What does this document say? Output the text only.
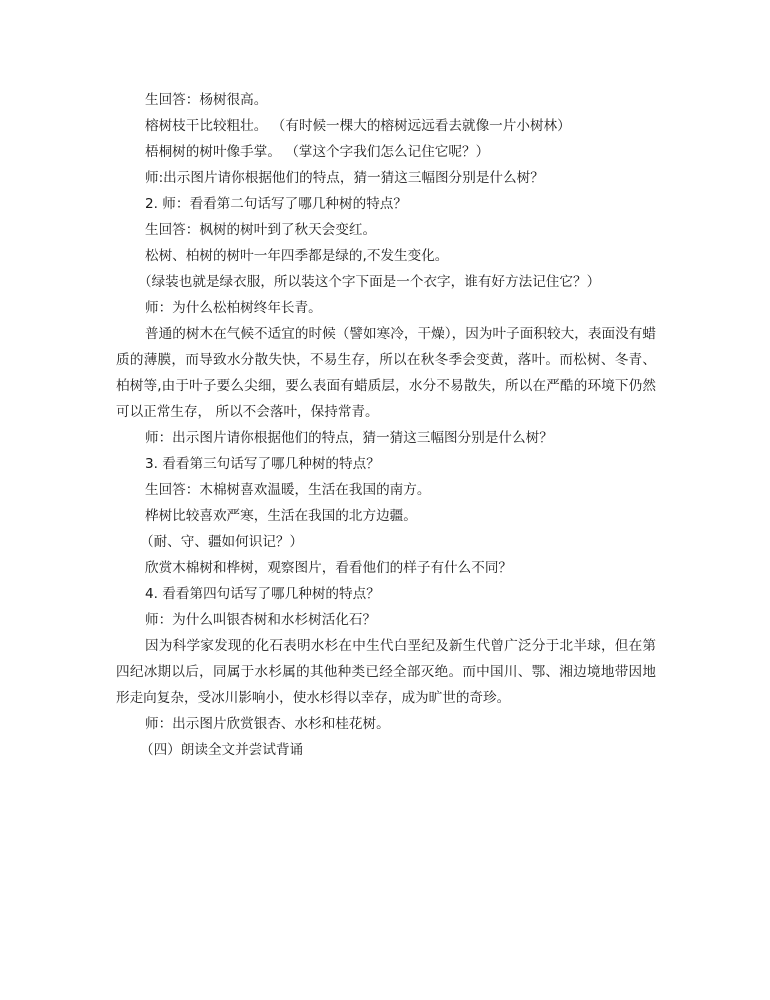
生回答：杨树很高。
榕树枝干比较粗壮。 （有时候一棵大的榕树远远看去就像一片小树林）
梧桐树的树叶像手掌。 （掌这个字我们怎么记住它呢？）
师:出示图片请你根据他们的特点，猜一猜这三幅图分别是什么树？
2. 师：看看第二句话写了哪几种树的特点？
生回答：枫树的树叶到了秋天会变红。
松树、柏树的树叶一年四季都是绿的,不发生变化。
（绿装也就是绿衣服，所以装这个字下面是一个衣字，谁有好方法记住它？）
师：为什么松柏树终年长青。
普通的树木在气候不适宜的时候（譬如寒冷，干燥），因为叶子面积较大，表面没有蜡质的薄膜，而导致水分散失快，不易生存，所以在秋冬季会变黄，落叶。而松树、冬青、柏树等,由于叶子要么尖细，要么表面有蜡质层，水分不易散失，所以在严酷的环境下仍然可以正常生存， 所以不会落叶，保持常青。
师：出示图片请你根据他们的特点，猜一猜这三幅图分别是什么树？
3. 看看第三句话写了哪几种树的特点？
生回答：木棉树喜欢温暖，生活在我国的南方。
桦树比较喜欢严寒，生活在我国的北方边疆。
（耐、守、疆如何识记？）
欣赏木棉树和桦树，观察图片，看看他们的样子有什么不同？
4. 看看第四句话写了哪几种树的特点？
师：为什么叫银杏树和水杉树活化石？
因为科学家发现的化石表明水杉在中生代白垩纪及新生代曾广泛分于北半球，但在第四纪冰期以后，同属于水杉属的其他种类已经全部灭绝。而中国川、鄂、湘边境地带因地形走向复杂，受冰川影响小，使水杉得以幸存，成为旷世的奇珍。
师：出示图片欣赏银杏、水杉和桂花树。
（四）朗读全文并尝试背诵
